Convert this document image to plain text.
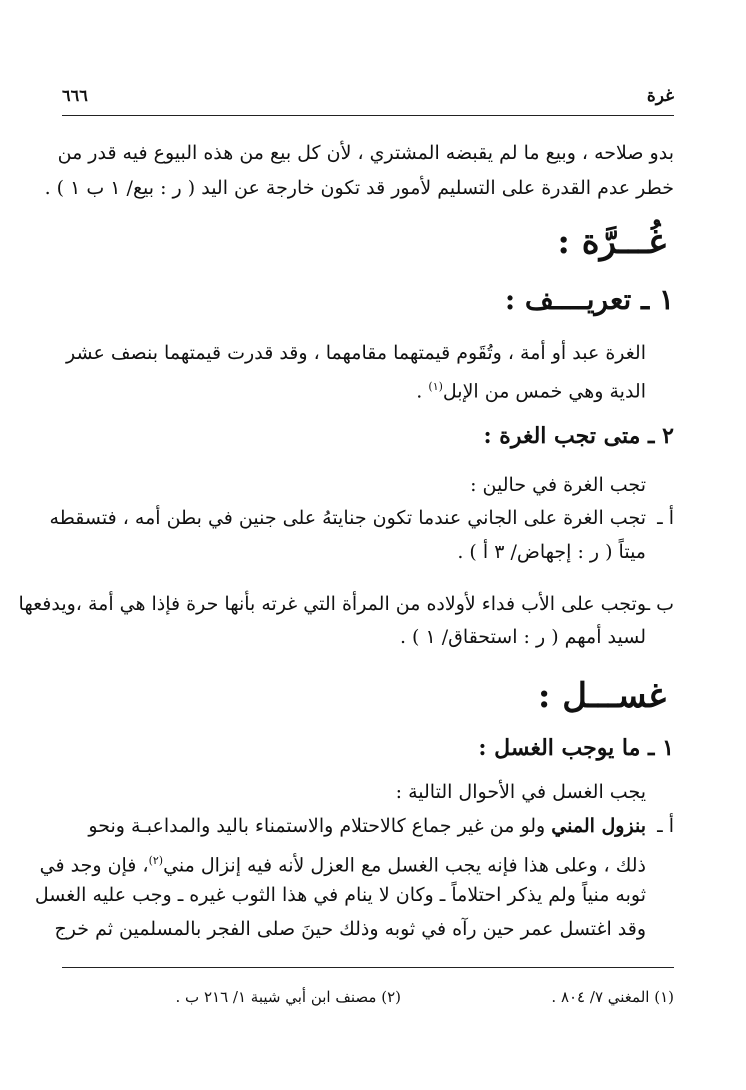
غرة
٦٦٦
بدو صلاحه ، وبيع ما لم يقبضه المشتري ، لأن كل بيع من هذه البيوع فيه قدر من
خطر عدم القدرة على التسليم لأمور قد تكون خارجة عن اليد ( ر : بيع/ ١ ب ١ ) .
غُـــرَّة :
١ ـ تعريــــف :
الغرة عبد أو أمة ، وتُقَوم قيمتهما مقامهما ، وقد قدرت قيمتهما بنصف عشر
الدية وهي خمس من الإبل$^{(١)}$ .
٢ ـ متى تجب الغرة :
تجب الغرة في حالين :
أ ـ
تجب الغرة على الجاني عندما تكون جنايتهُ على جنين في بطن أمه ، فتسقطه
ميتاً ( ر : إجهاض/ ٣ أ ) .
ب ـ
وتجب على الأب فداء لأولاده من المرأة التي غرته بأنها حرة فإذا هي أمة ،ويدفعها
لسيد أمهم ( ر : استحقاق/ ١ ) .
غســـل :
١ ـ ما يوجب الغسل :
يجب الغسل في الأحوال التالية :
أ ـ
بنزول المني ولو من غير جماع كالاحتلام والاستمناء باليد والمداعبـة ونحو
ذلك ، وعلى هذا فإنه يجب الغسل مع العزل لأنه فيه إنزال مني$^{(٢)}$، فإن وجد في
ثوبه منياً ولم يذكر احتلاماً ـ وكان لا ينام في هذا الثوب غيره ـ وجب عليه الغسل
وقد اغتسل عمر حين رآه في ثوبه وذلك حينَ صلى الفجر بالمسلمين ثم خرج
(١) المغني ٧/ ٨٠٤ .
(٢) مصنف ابن أبي شيبة ١/ ٢١٦ ب .
